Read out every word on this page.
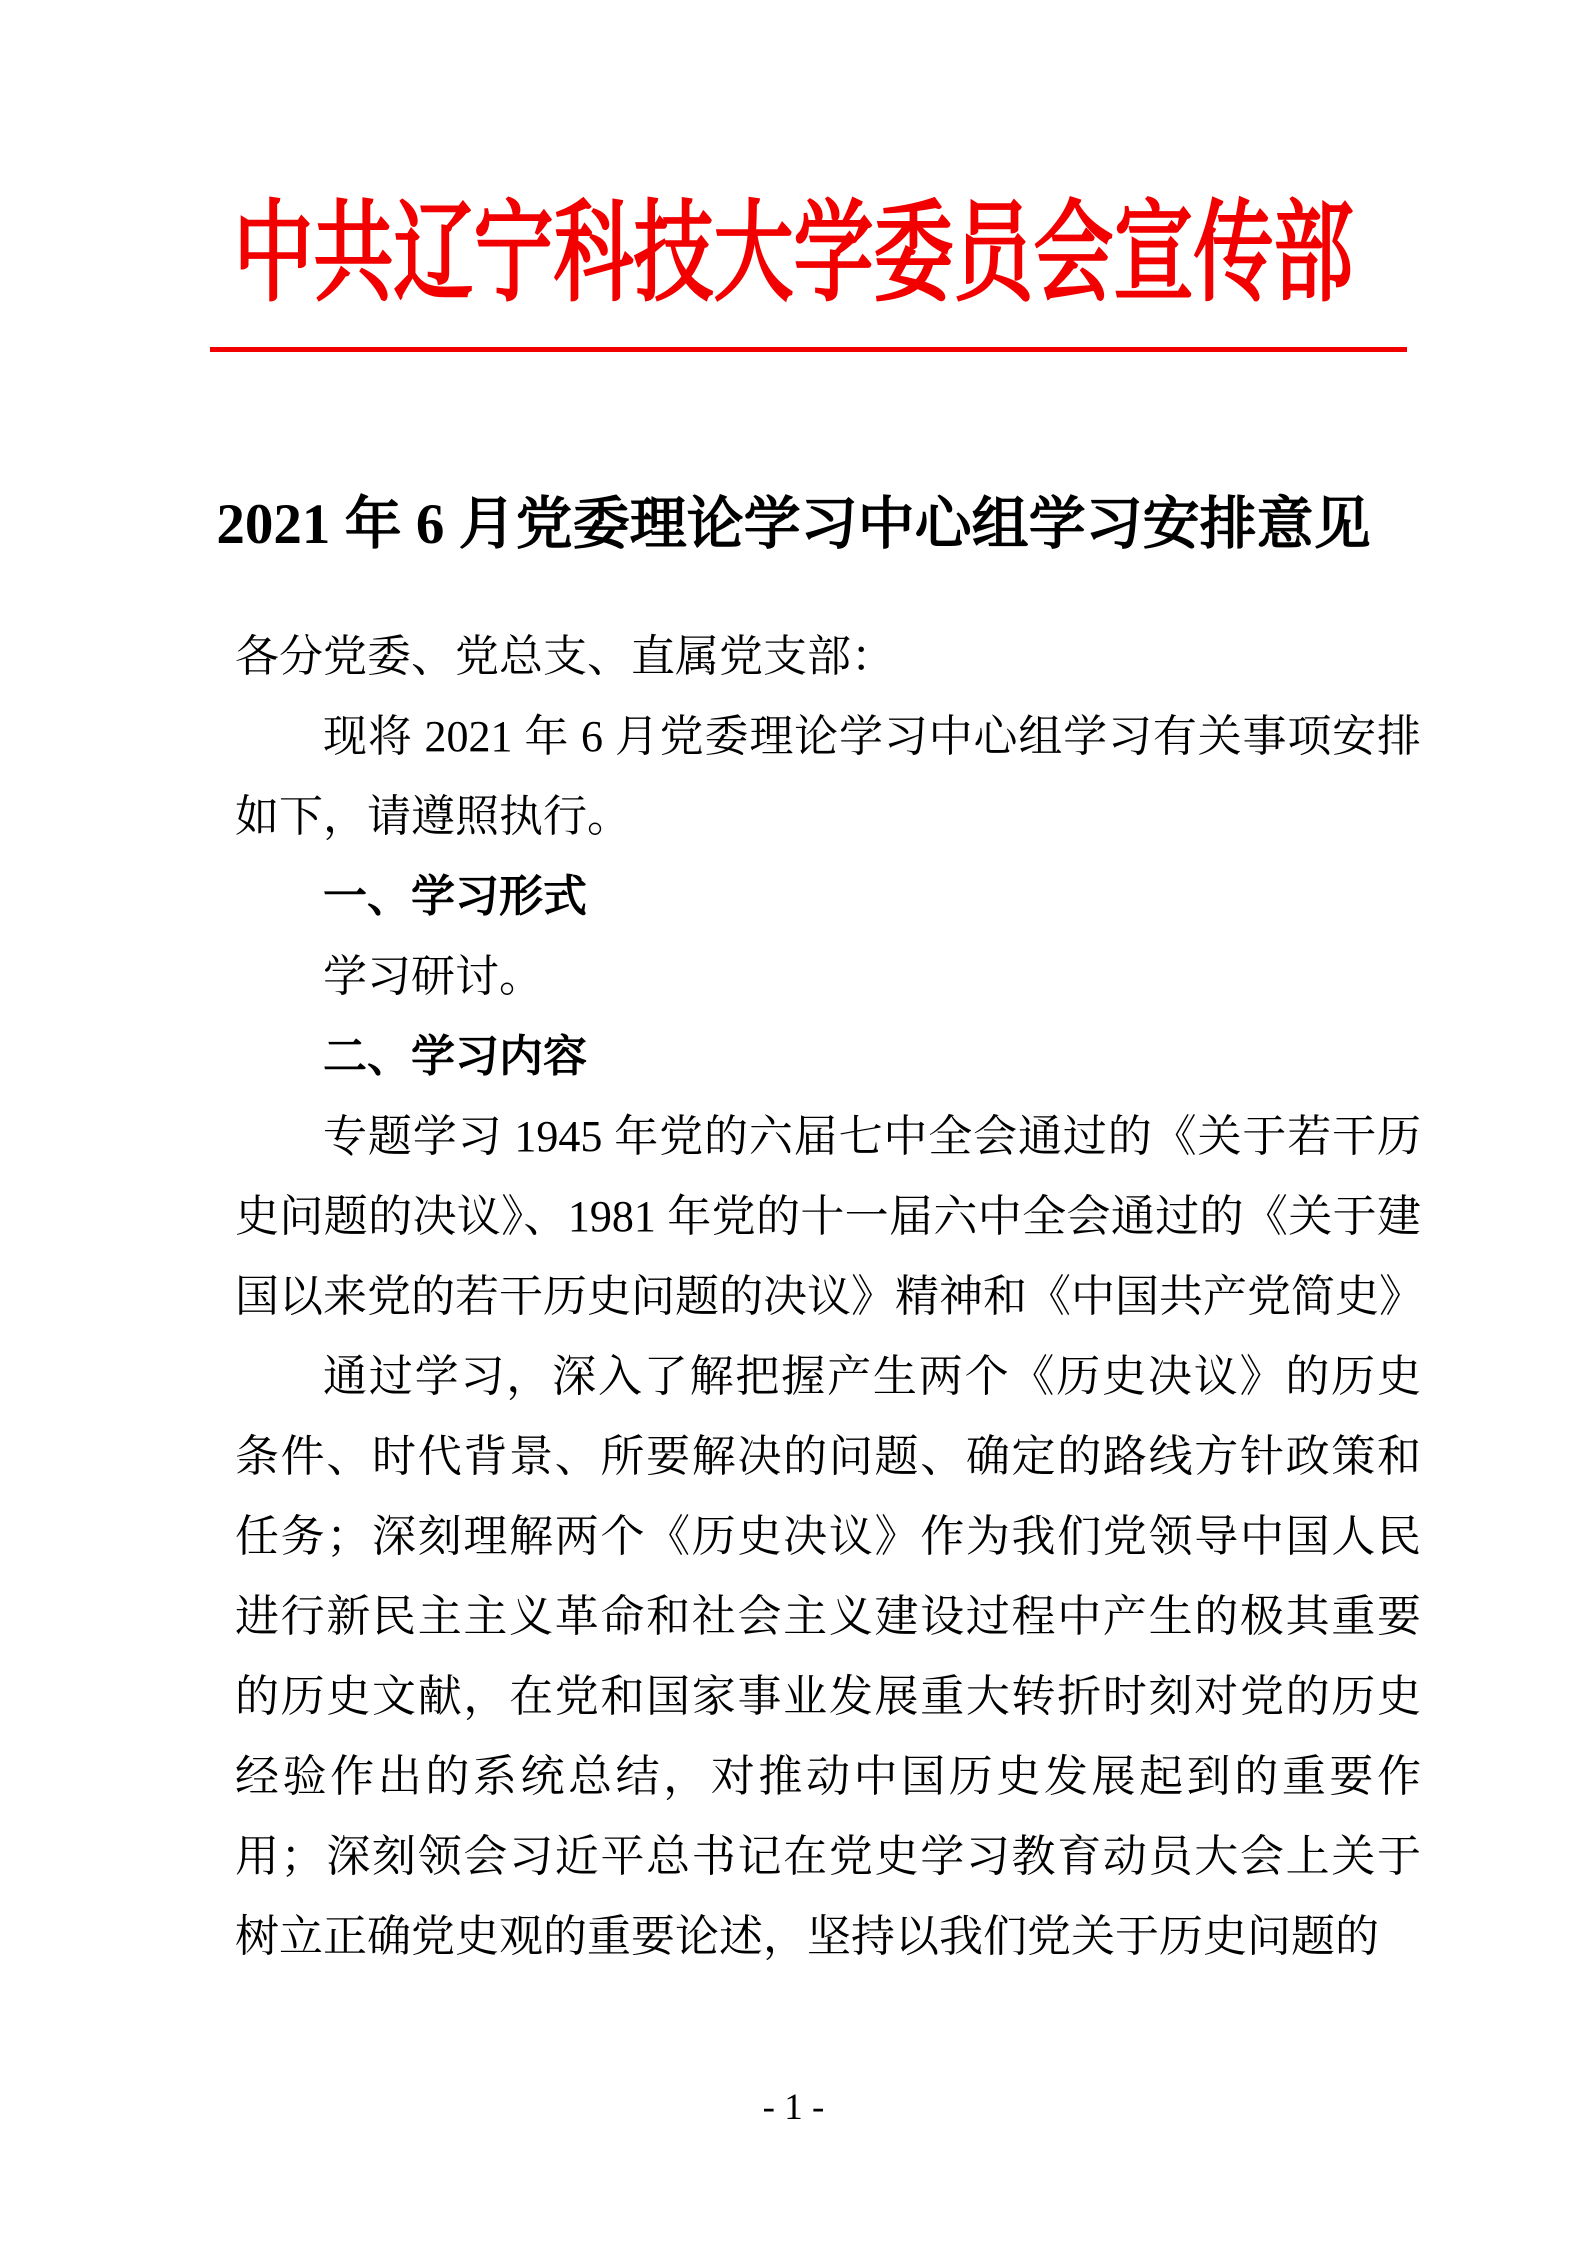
中共辽宁科技大学委员会宣传部
2021 年 6 月党委理论学习中心组学习安排意见

各分党委、党总支、直属党支部：

现将 2021 年 6 月党委理论学习中心组学习有关事项安排如下，请遵照执行。

一、学习形式

学习研讨。

二、学习内容

专题学习 1945 年党的六届七中全会通过的《关于若干历史问题的决议》、1981 年党的十一届六中全会通过的《关于建国以来党的若干历史问题的决议》精神和《中国共产党简史》

通过学习，深入了解把握产生两个《历史决议》的历史条件、时代背景、所要解决的问题、确定的路线方针政策和任务；深刻理解两个《历史决议》作为我们党领导中国人民进行新民主主义革命和社会主义建设过程中产生的极其重要的历史文献，在党和国家事业发展重大转折时刻对党的历史经验作出的系统总结，对推动中国历史发展起到的重要作用；深刻领会习近平总书记在党史学习教育动员大会上关于树立正确党史观的重要论述，坚持以我们党关于历史问题的

- 1 -
